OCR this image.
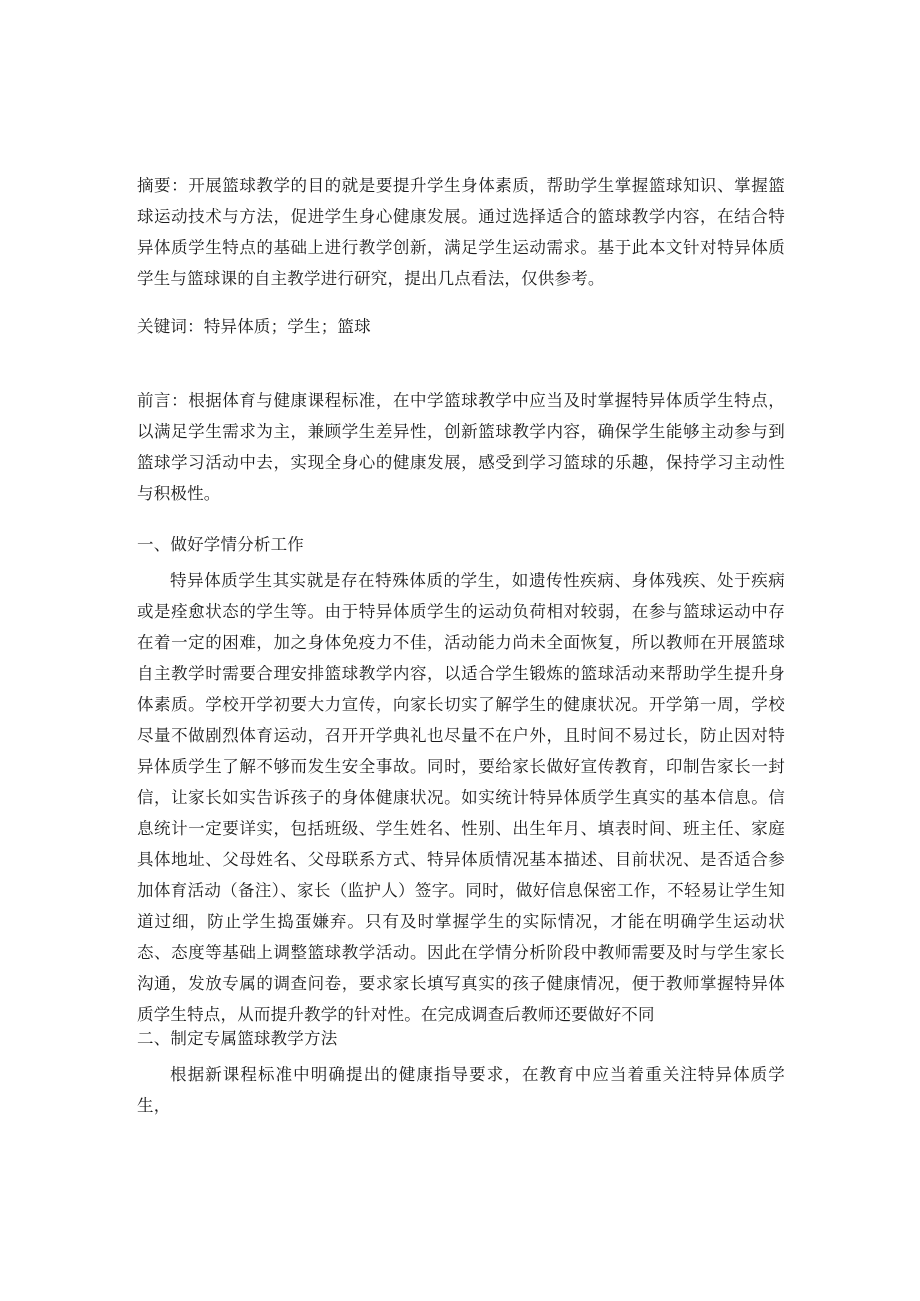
摘要：开展篮球教学的目的就是要提升学生身体素质，帮助学生掌握篮球知识、掌握篮球运动技术与方法，促进学生身心健康发展。通过选择适合的篮球教学内容，在结合特异体质学生特点的基础上进行教学创新，满足学生运动需求。基于此本文针对特异体质学生与篮球课的自主教学进行研究，提出几点看法，仅供参考。

关键词：特异体质；学生；篮球

前言：根据体育与健康课程标准，在中学篮球教学中应当及时掌握特异体质学生特点，以满足学生需求为主，兼顾学生差异性，创新篮球教学内容，确保学生能够主动参与到篮球学习活动中去，实现全身心的健康发展，感受到学习篮球的乐趣，保持学习主动性与积极性。

一、做好学情分析工作

特异体质学生其实就是存在特殊体质的学生，如遗传性疾病、身体残疾、处于疾病或是痊愈状态的学生等。由于特异体质学生的运动负荷相对较弱，在参与篮球运动中存在着一定的困难，加之身体免疫力不佳，活动能力尚未全面恢复，所以教师在开展篮球自主教学时需要合理安排篮球教学内容，以适合学生锻炼的篮球活动来帮助学生提升身体素质。学校开学初要大力宣传，向家长切实了解学生的健康状况。开学第一周，学校尽量不做剧烈体育运动，召开开学典礼也尽量不在户外，且时间不易过长，防止因对特异体质学生了解不够而发生安全事故。同时，要给家长做好宣传教育，印制告家长一封信，让家长如实告诉孩子的身体健康状况。如实统计特异体质学生真实的基本信息。信息统计一定要详实，包括班级、学生姓名、性别、出生年月、填表时间、班主任、家庭具体地址、父母姓名、父母联系方式、特异体质情况基本描述、目前状况、是否适合参加体育活动（备注）、家长（监护人）签字。同时，做好信息保密工作，不轻易让学生知道过细，防止学生捣蛋嫌弃。只有及时掌握学生的实际情况，才能在明确学生运动状态、态度等基础上调整篮球教学活动。因此在学情分析阶段中教师需要及时与学生家长沟通，发放专属的调查问卷，要求家长填写真实的孩子健康情况，便于教师掌握特异体质学生特点，从而提升教学的针对性。在完成调查后教师还要做好不同

二、制定专属篮球教学方法

根据新课程标准中明确提出的健康指导要求，在教育中应当着重关注特异体质学生，
